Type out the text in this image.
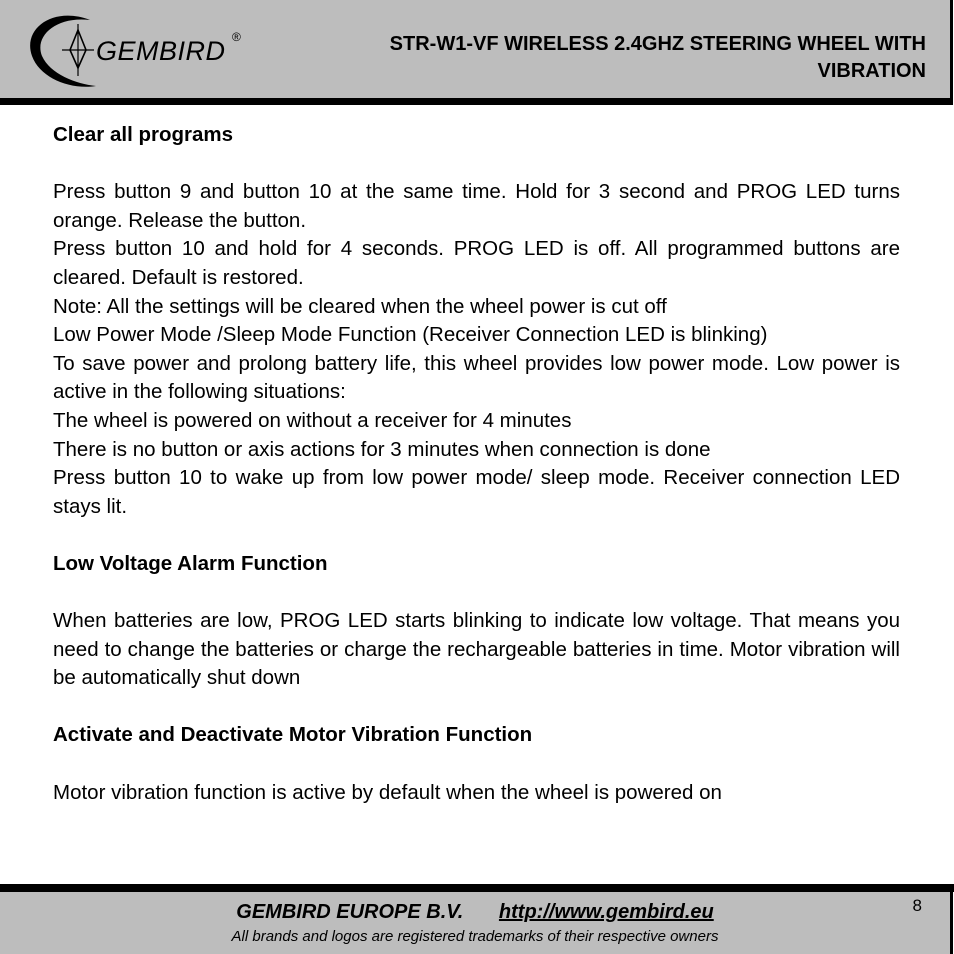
GEMBIRD ®	STR-W1-VF WIRELESS 2.4GHZ STEERING WHEEL WITH
VIBRATION

Clear all programs

Press button 9 and button 10 at the same time. Hold for 3 second and PROG LED turns orange. Release the button.

Press button 10 and hold for 4 seconds. PROG LED is off. All programmed buttons are cleared. Default is restored.

Note: All the settings will be cleared when the wheel power is cut off

Low Power Mode /Sleep Mode Function (Receiver Connection LED is blinking)

To save power and prolong battery life, this wheel provides low power mode. Low power is active in the following situations:

The wheel is powered on without a receiver for 4 minutes

There is no button or axis actions for 3 minutes when connection is done

Press button 10 to wake up from low power mode/ sleep mode. Receiver connection LED stays lit.

Low Voltage Alarm Function

When batteries are low, PROG LED starts blinking to indicate low voltage. That means you need to change the batteries or charge the rechargeable batteries in time. Motor vibration will be automatically shut down

Activate and Deactivate Motor Vibration Function

Motor vibration function is active by default when the wheel is powered on

GEMBIRD EUROPE B.V. http://www.gembird.eu
All brands and logos are registered trademarks of their respective owners
8
